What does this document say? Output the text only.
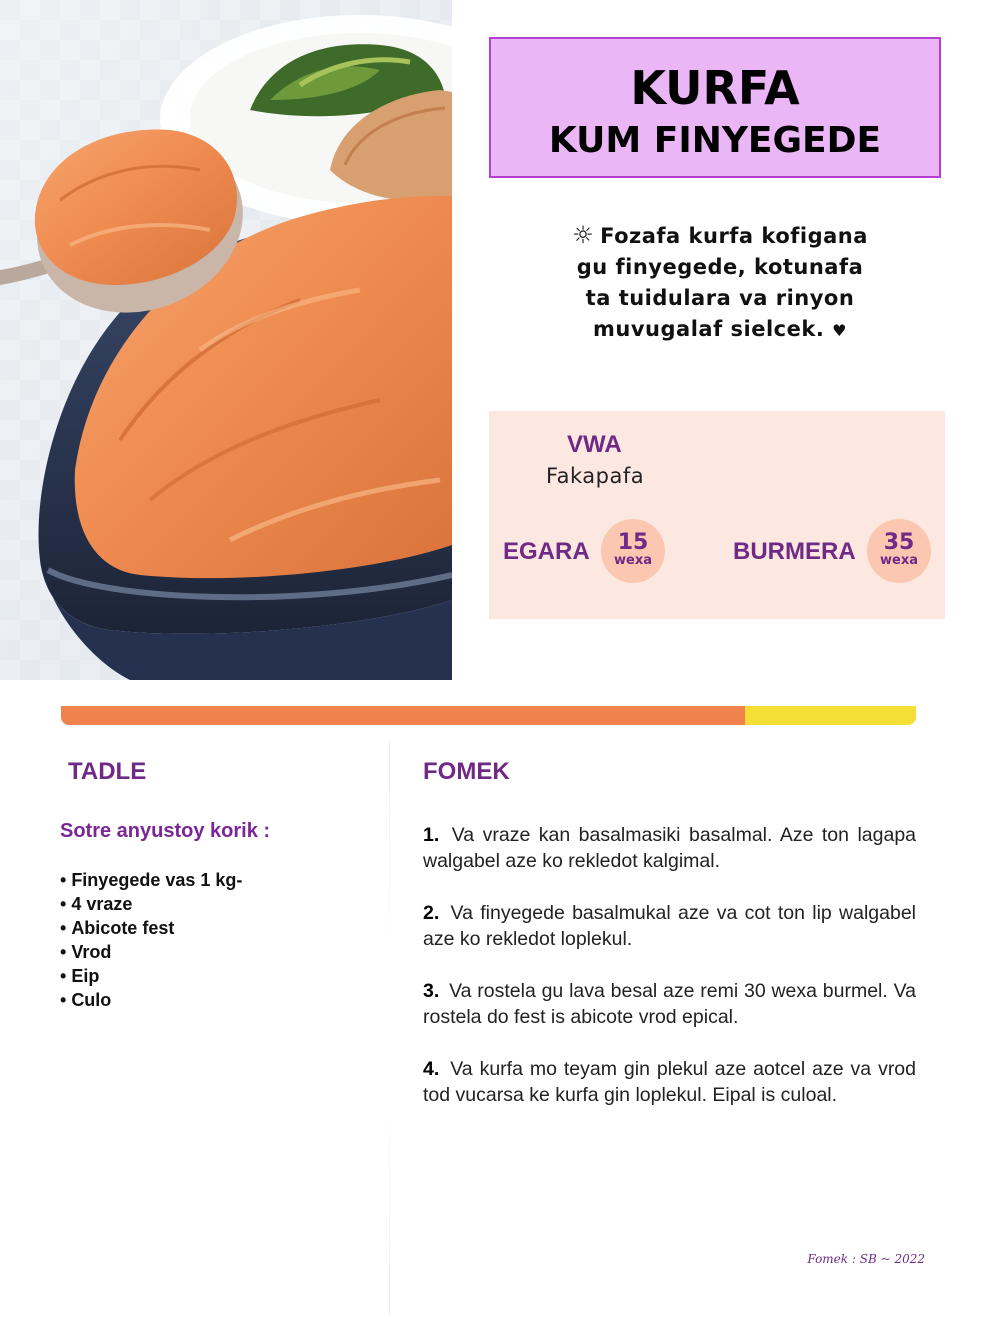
KURFA
KUM FINYEGEDE
☼ Fozafa kurfa kofigana
gu finyegede, kotunafa
ta tuidulara va rinyon
muvugalaf sielcek. ♥
VWA
Fakapafa
EGARA	15
wexa	BURMERA	35
wexa
TADLE
Sotre anyustoy korik :
• Finyegede vas 1 kg-
• 4 vraze
• Abicote fest
• Vrod
• Eip
• Culo
FOMEK

1. Va vraze kan basalmasiki basalmal. Aze ton lagapa walgabel aze ko rekledot kalgimal.

2. Va finyegede basalmukal aze va cot ton lip walgabel aze ko rekledot loplekul.

3. Va rostela gu lava besal aze remi 30 wexa burmel. Va rostela do fest is abicote vrod epical.

4. Va kurfa mo teyam gin plekul aze aotcel aze va vrod tod vucarsa ke kurfa gin loplekul. Eipal is culoal.

Fomek : SB ~ 2022
